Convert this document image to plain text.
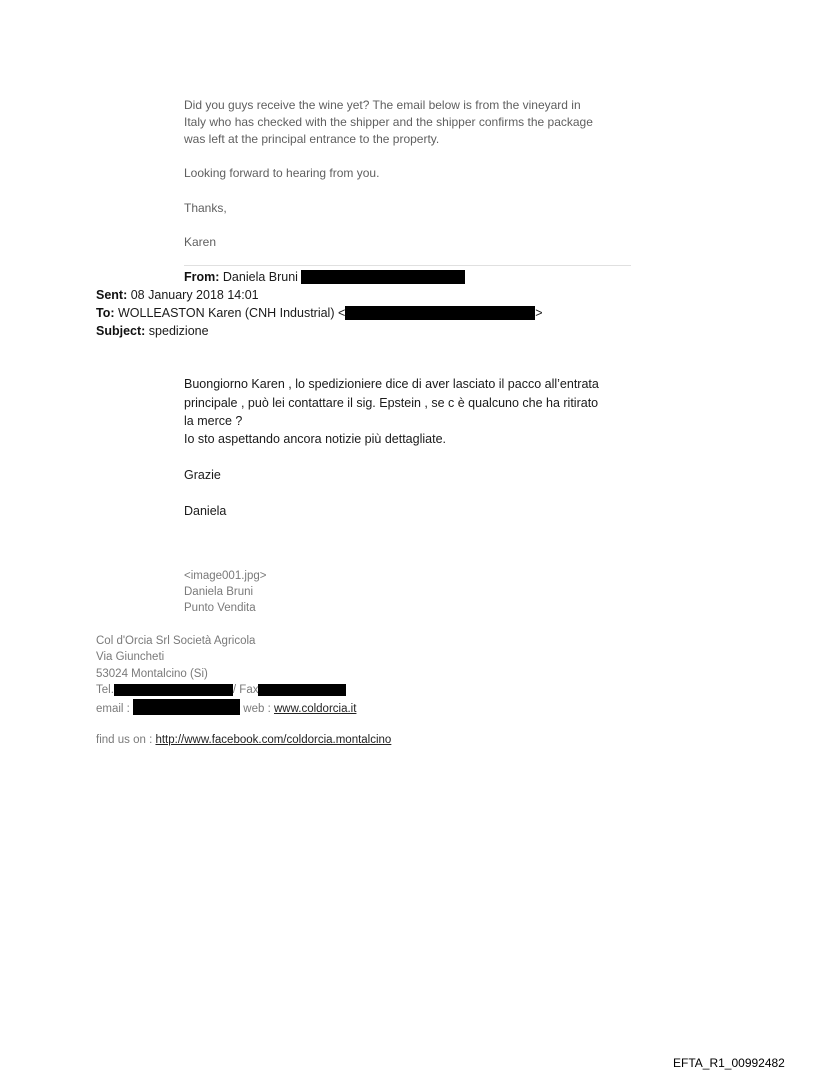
Did you guys receive the wine yet? The email below is from the vineyard in

Italy who has checked with the shipper and the shipper confirms the package

was left at the principal entrance to the property.

Looking forward to hearing from you.

Thanks,

Karen

From: Daniela Bruni

Sent: 08 January 2018 14:01

To: WOLLEASTON Karen (CNH Industrial) <	>

Subject: spedizione

Buongiorno Karen , lo spedizioniere dice di aver lasciato il pacco all’entrata

principale , può lei contattare il sig. Epstein , se c è qualcuno che ha ritirato

la merce ?

Io sto aspettando ancora notizie più dettagliate.

Grazie

Daniela

<image001.jpg>

Daniela Bruni

Punto Vendita

Col d'Orcia Srl Società Agricola

Via Giuncheti

53024 Montalcino (Si)

Tel.	/ Fax

email :	web : www.coldorcia.it

find us on : http://www.facebook.com/coldorcia.montalcino

EFTA_R1_00992482
